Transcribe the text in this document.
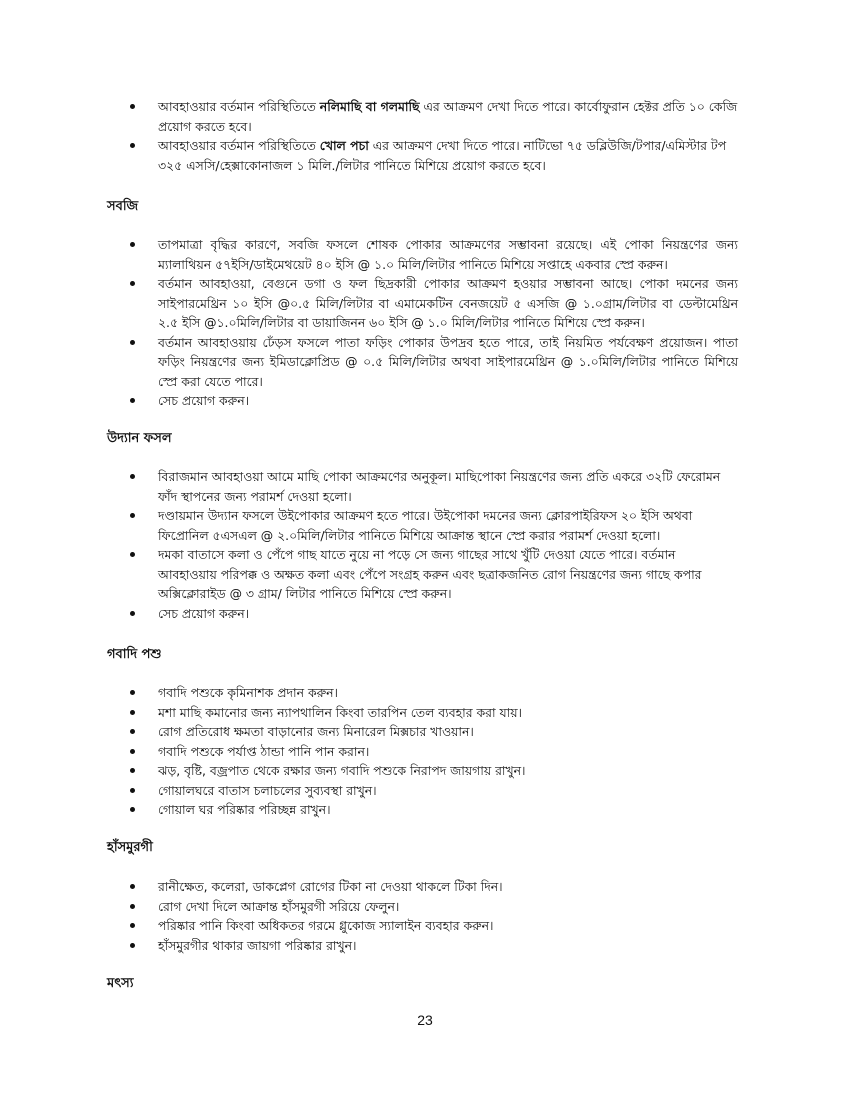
আবহাওয়ার বর্তমান পরিস্থিতিতে নলিমাছি বা গলমাছি এর আক্রমণ দেখা দিতে পারে। কার্বোফুরান হেক্টর প্রতি ১০ কেজি প্রয়োগ করতে হবে।
আবহাওয়ার বর্তমান পরিস্থিতিতে খোল পচা এর আক্রমণ দেখা দিতে পারে। নাটিভো ৭৫ ডব্লিউজি/টপার/এমিস্টার টপ ৩২৫ এসসি/হেক্সাকোনাজল ১ মিলি./লিটার পানিতে মিশিয়ে প্রয়োগ করতে হবে।
সবজি
তাপমাত্রা বৃদ্ধির কারণে, সবজি ফসলে শোষক পোকার আক্রমণের সম্ভাবনা রয়েছে। এই পোকা নিয়ন্ত্রণের জন্য ম্যালাথিয়ন ৫৭ইসি/ডাইমেথয়েট ৪০ ইসি @ ১.০ মিলি/লিটার পানিতে মিশিয়ে সপ্তাহে একবার স্প্রে করুন।
বর্তমান আবহাওয়া, বেগুনে ডগা ও ফল ছিদ্রকারী পোকার আক্রমণ হওয়ার সম্ভাবনা আছে। পোকা দমনের জন্য সাইপারমেথ্রিন ১০ ইসি @০.৫ মিলি/লিটার বা এমামেকটিন বেনজয়েট ৫ এসজি @ ১.০গ্রাম/লিটার বা ডেল্টামেথ্রিন ২.৫ ইসি @১.০মিলি/লিটার বা ডায়াজিনন ৬০ ইসি @ ১.০ মিলি/লিটার পানিতে মিশিয়ে স্প্রে করুন।
বর্তমান আবহাওয়ায় ঢেঁড়স ফসলে পাতা ফড়িং পোকার উপদ্রব হতে পারে, তাই নিয়মিত পর্যবেক্ষণ প্রয়োজন। পাতা ফড়িং নিয়ন্ত্রণের জন্য ইমিডাক্লোপ্রিড @ ০.৫ মিলি/লিটার অথবা সাইপারমেথ্রিন @ ১.০মিলি/লিটার পানিতে মিশিয়ে স্প্রে করা যেতে পারে।
সেচ প্রয়োগ করুন।
উদ্যান ফসল
বিরাজমান আবহাওয়া আমে মাছি পোকা আক্রমণের অনুকূল। মাছিপোকা নিয়ন্ত্রণের জন্য প্রতি একরে ৩২টি ফেরোমন ফাঁদ স্থাপনের জন্য পরামর্শ দেওয়া হলো।
দণ্ডায়মান উদ্যান ফসলে উইপোকার আক্রমণ হতে পারে। উইপোকা দমনের জন্য ক্লোরপাইরিফস ২০ ইসি অথবা ফিপ্রোনিল ৫এসএল @ ২.০মিলি/লিটার পানিতে মিশিয়ে আক্রান্ত স্থানে স্প্রে করার পরামর্শ দেওয়া হলো।
দমকা বাতাসে কলা ও পেঁপে গাছ যাতে নুয়ে না পড়ে সে জন্য গাছের সাথে খুঁটি দেওয়া যেতে পারে। বর্তমান আবহাওয়ায় পরিপক্ক ও অক্ষত কলা এবং পেঁপে সংগ্রহ করুন এবং ছত্রাকজনিত রোগ নিয়ন্ত্রণের জন্য গাছে কপার অক্সিক্লোরাইড @ ৩ গ্রাম/ লিটার পানিতে মিশিয়ে স্প্রে করুন।
সেচ প্রয়োগ করুন।
গবাদি পশু
গবাদি পশুকে কৃমিনাশক প্রদান করুন।
মশা মাছি কমানোর জন্য ন্যাপথালিন কিংবা তারপিন তেল ব্যবহার করা যায়।
রোগ প্রতিরোধ ক্ষমতা বাড়ানোর জন্য মিনারেল মিক্সচার খাওয়ান।
গবাদি পশুকে পর্যাপ্ত ঠান্ডা পানি পান করান।
ঝড়, বৃষ্টি, বজ্রপাত থেকে রক্ষার জন্য গবাদি পশুকে নিরাপদ জায়গায় রাখুন।
গোয়ালঘরে বাতাস চলাচলের সুব্যবস্থা রাখুন।
গোয়াল ঘর পরিষ্কার পরিচ্ছন্ন রাখুন।
হাঁসমুরগী
রানীক্ষেত, কলেরা, ডাকপ্লেগ রোগের টিকা না দেওয়া থাকলে টিকা দিন।
রোগ দেখা দিলে আক্রান্ত হাঁসমুরগী সরিয়ে ফেলুন।
পরিষ্কার পানি কিংবা অধিকতর গরমে গ্লুকোজ স্যালাইন ব্যবহার করুন।
হাঁসমুরগীর থাকার জায়গা পরিষ্কার রাখুন।
মৎস্য
23
